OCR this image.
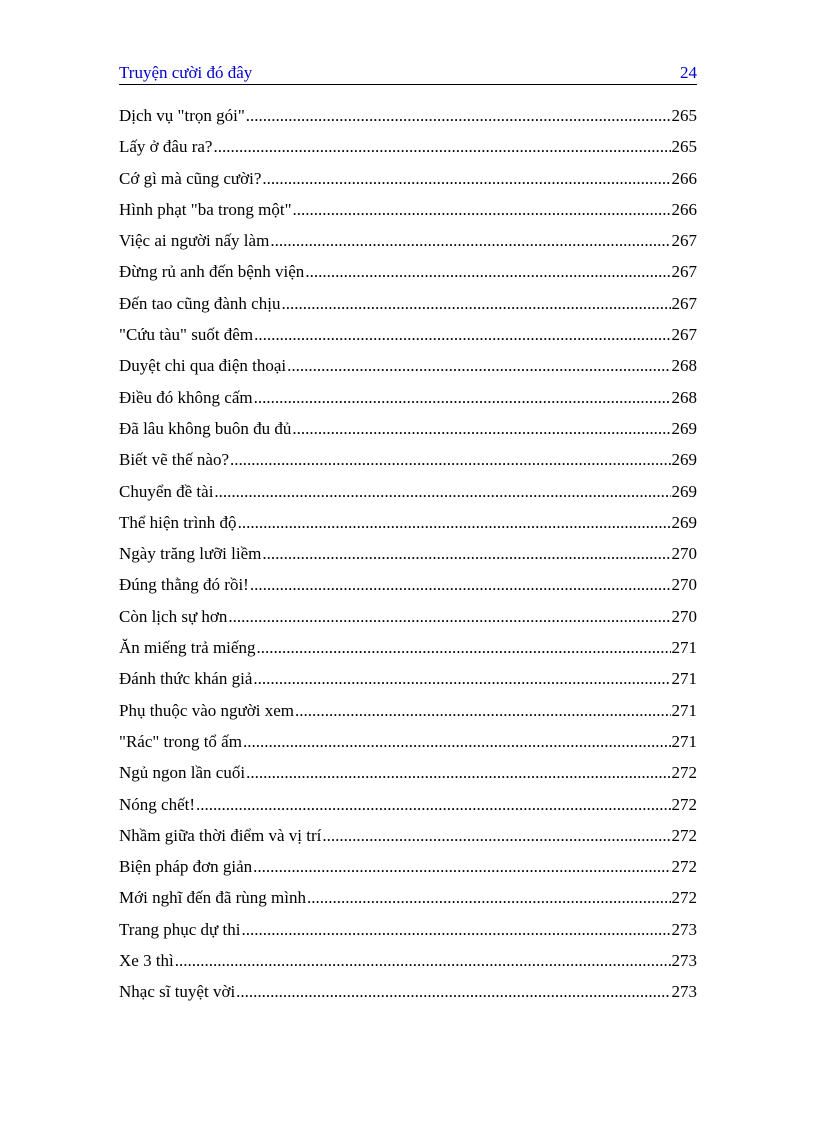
Truyện cười đó đây	24
Dịch vụ "trọn gói" .....	265
Lấy ở đâu ra? .....	265
Cớ gì mà cũng cười? .....	266
Hình phạt "ba trong một" .....	266
Việc ai người nấy làm .....	267
Đừng rủ anh đến bệnh viện .....	267
Đến tao cũng đành chịu .....	267
"Cứu tàu" suốt đêm .....	267
Duyệt chi qua điện thoại .....	268
Điều đó không cấm .....	268
Đã lâu không buôn đu đủ .....	269
Biết vẽ thế nào? .....	269
Chuyển đề tài .....	269
Thể hiện trình độ .....	269
Ngày trăng lưỡi liềm .....	270
Đúng thằng đó rồi! .....	270
Còn lịch sự hơn .....	270
Ăn miếng trả miếng .....	271
Đánh thức khán giả .....	271
Phụ thuộc vào người xem .....	271
"Rác" trong tổ ấm .....	271
Ngủ ngon lần cuối .....	272
Nóng chết! .....	272
Nhầm giữa thời điểm và vị trí .....	272
Biện pháp đơn giản .....	272
Mới nghĩ đến đã rùng mình .....	272
Trang phục dự thi .....	273
Xe 3 thì .....	273
Nhạc sĩ tuyệt vời .....	273
